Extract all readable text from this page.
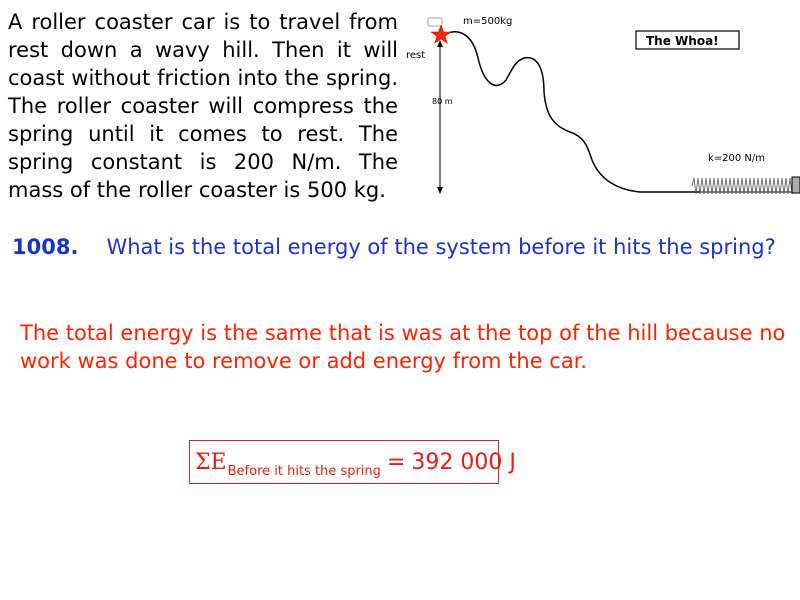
A roller coaster car is to travel from rest down a wavy hill. Then it will coast without friction into the spring. The roller coaster will compress the spring until it comes to rest. The spring constant is 200 N/m. The mass of the roller coaster is 500 kg.

80 m
m=500kg
rest
k=200 N/m
The Whoa!

1008. What is the total energy of the system before it hits the spring?

The total energy is the same that is was at the top of the hill because no work was done to remove or add energy from the car.

ΣE Before it hits the spring = 392 000 J
